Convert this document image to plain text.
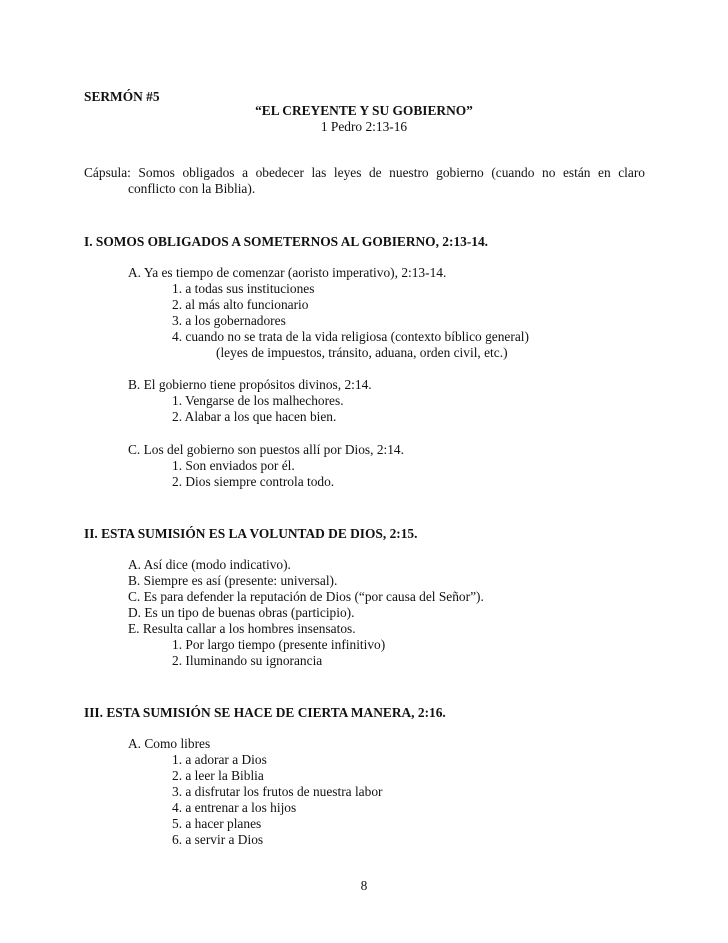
SERMÓN #5
“EL CREYENTE Y SU GOBIERNO”
1 Pedro 2:13-16
Cápsula: Somos obligados a obedecer las leyes de nuestro gobierno (cuando no están en claro
conflicto con la Biblia).
I. SOMOS OBLIGADOS A SOMETERNOS AL GOBIERNO, 2:13-14.
A. Ya es tiempo de comenzar (aoristo imperativo), 2:13-14.
1. a todas sus instituciones
2. al más alto funcionario
3. a los gobernadores
4. cuando no se trata de la vida religiosa (contexto bíblico general)
(leyes de impuestos, tránsito, aduana, orden civil, etc.)
B. El gobierno tiene propósitos divinos, 2:14.
1. Vengarse de los malhechores.
2. Alabar a los que hacen bien.
C. Los del gobierno son puestos allí por Dios, 2:14.
1. Son enviados por él.
2. Dios siempre controla todo.
II. ESTA SUMISIÓN ES LA VOLUNTAD DE DIOS, 2:15.
A. Así dice (modo indicativo).
B. Siempre es así (presente: universal).
C. Es para defender la reputación de Dios (“por causa del Señor”).
D. Es un tipo de buenas obras (participio).
E. Resulta callar a los hombres insensatos.
1. Por largo tiempo (presente infinitivo)
2. Iluminando su ignorancia
III. ESTA SUMISIÓN SE HACE DE CIERTA MANERA, 2:16.
A. Como libres
1. a adorar a Dios
2. a leer la Biblia
3. a disfrutar los frutos de nuestra labor
4. a entrenar a los hijos
5. a hacer planes
6. a servir a Dios
8
